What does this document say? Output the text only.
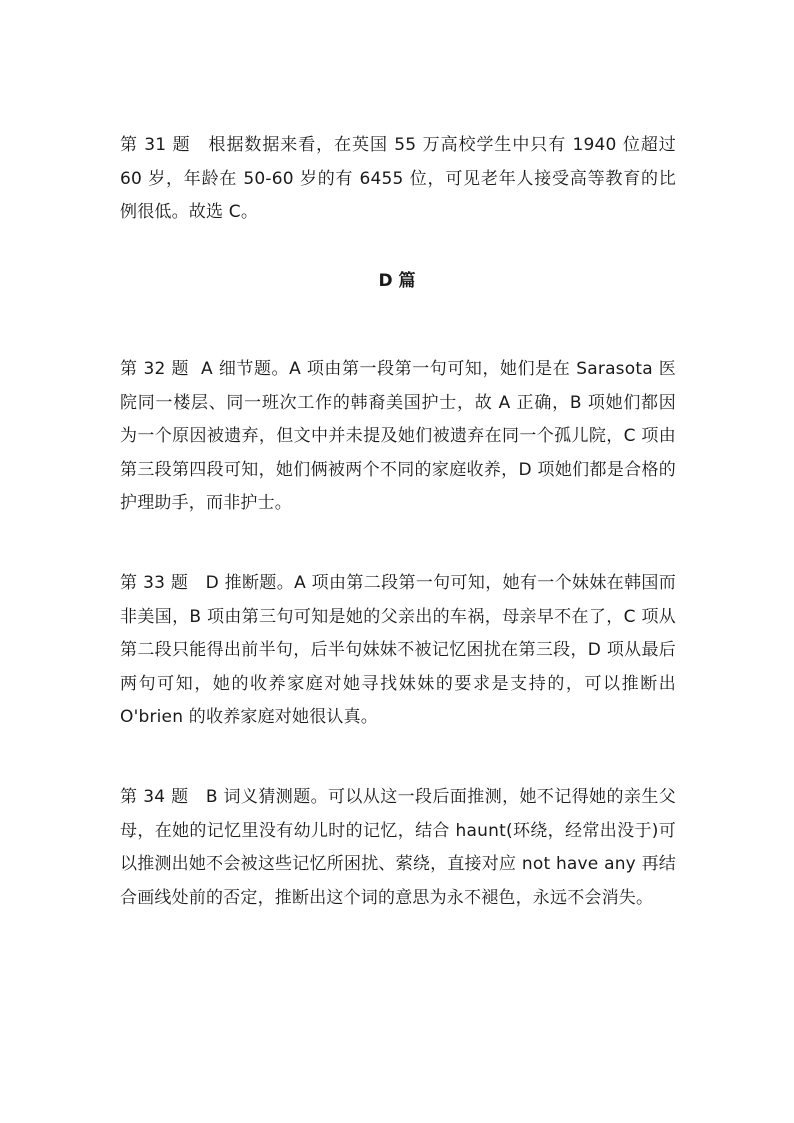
第 31 题　根据数据来看，在英国 55 万高校学生中只有 1940 位超过 60 岁，年龄在 50-60 岁的有 6455 位，可见老年人接受高等教育的比例很低。故选 C。

D 篇

第 32 题  A 细节题。A 项由第一段第一句可知，她们是在 Sarasota 医院同一楼层、同一班次工作的韩裔美国护士，故 A 正确，B 项她们都因为一个原因被遗弃，但文中并未提及她们被遗弃在同一个孤儿院，C 项由第三段第四段可知，她们俩被两个不同的家庭收养，D 项她们都是合格的护理助手，而非护士。

第 33 题　D 推断题。A 项由第二段第一句可知，她有一个妹妹在韩国而非美国，B 项由第三句可知是她的父亲出的车祸，母亲早不在了，C 项从第二段只能得出前半句，后半句妹妹不被记忆困扰在第三段，D 项从最后两句可知，她的收养家庭对她寻找妹妹的要求是支持的，可以推断出 O'brien 的收养家庭对她很认真。

第 34 题　B 词义猜测题。可以从这一段后面推测，她不记得她的亲生父母，在她的记忆里没有幼儿时的记忆，结合 haunt(环绕，经常出没于)可以推测出她不会被这些记忆所困扰、萦绕，直接对应 not have any 再结合画线处前的否定，推断出这个词的意思为永不褪色，永远不会消失。
